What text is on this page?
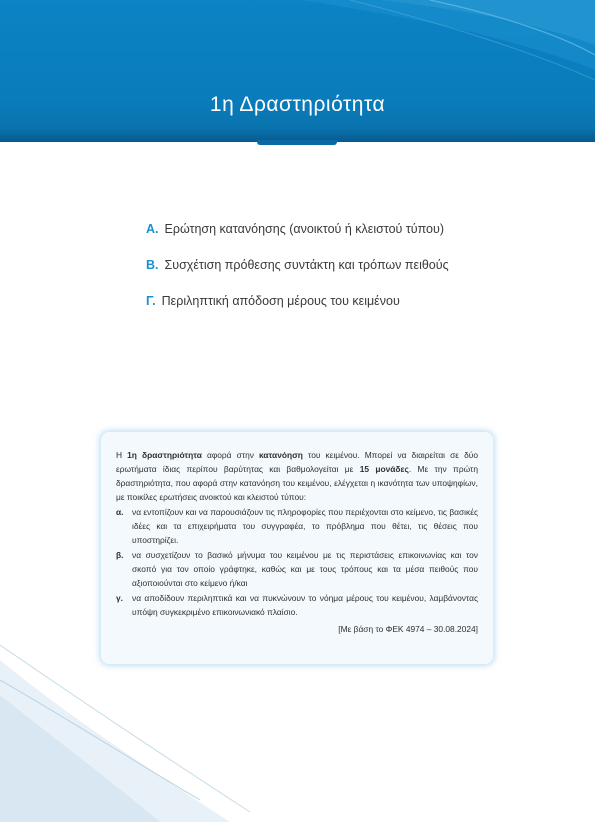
1η Δραστηριότητα
Α. Ερώτηση κατανόησης (ανοικτού ή κλειστού τύπου)
Β. Συσχέτιση πρόθεσης συντάκτη και τρόπων πειθούς
Γ. Περιληπτική απόδοση μέρους του κειμένου
Η 1η δραστηριότητα αφορά στην κατανόηση του κειμένου. Μπορεί να διαιρείται σε δύο ερωτήματα ίδιας περίπου βαρύτητας και βαθμολογείται με 15 μονάδες. Με την πρώτη δραστηριότητα, που αφορά στην κατανόηση του κειμένου, ελέγχεται η ικανότητα των υποψηφίων, με ποικίλες ερωτήσεις ανοικτού και κλειστού τύπου:
α.	να εντοπίζουν και να παρουσιάζουν τις πληροφορίες που περιέχονται στο κείμενο, τις βασικές ιδέες και τα επιχειρήματα του συγγραφέα, το πρόβλημα που θέτει, τις θέσεις που υποστηρίζει.
β.	να συσχετίζουν το βασικό μήνυμα του κειμένου με τις περιστάσεις επικοινωνίας και τον σκοπό για τον οποίο γράφτηκε, καθώς και με τους τρόπους και τα μέσα πειθούς που αξιοποιούνται στο κείμενο ή/και
γ.	να αποδίδουν περιληπτικά και να πυκνώνουν το νόημα μέρους του κειμένου, λαμβάνοντας υπόψη συγκεκριμένο επικοινωνιακό πλαίσιο.
[Με βάση το ΦΕΚ 4974 – 30.08.2024]
